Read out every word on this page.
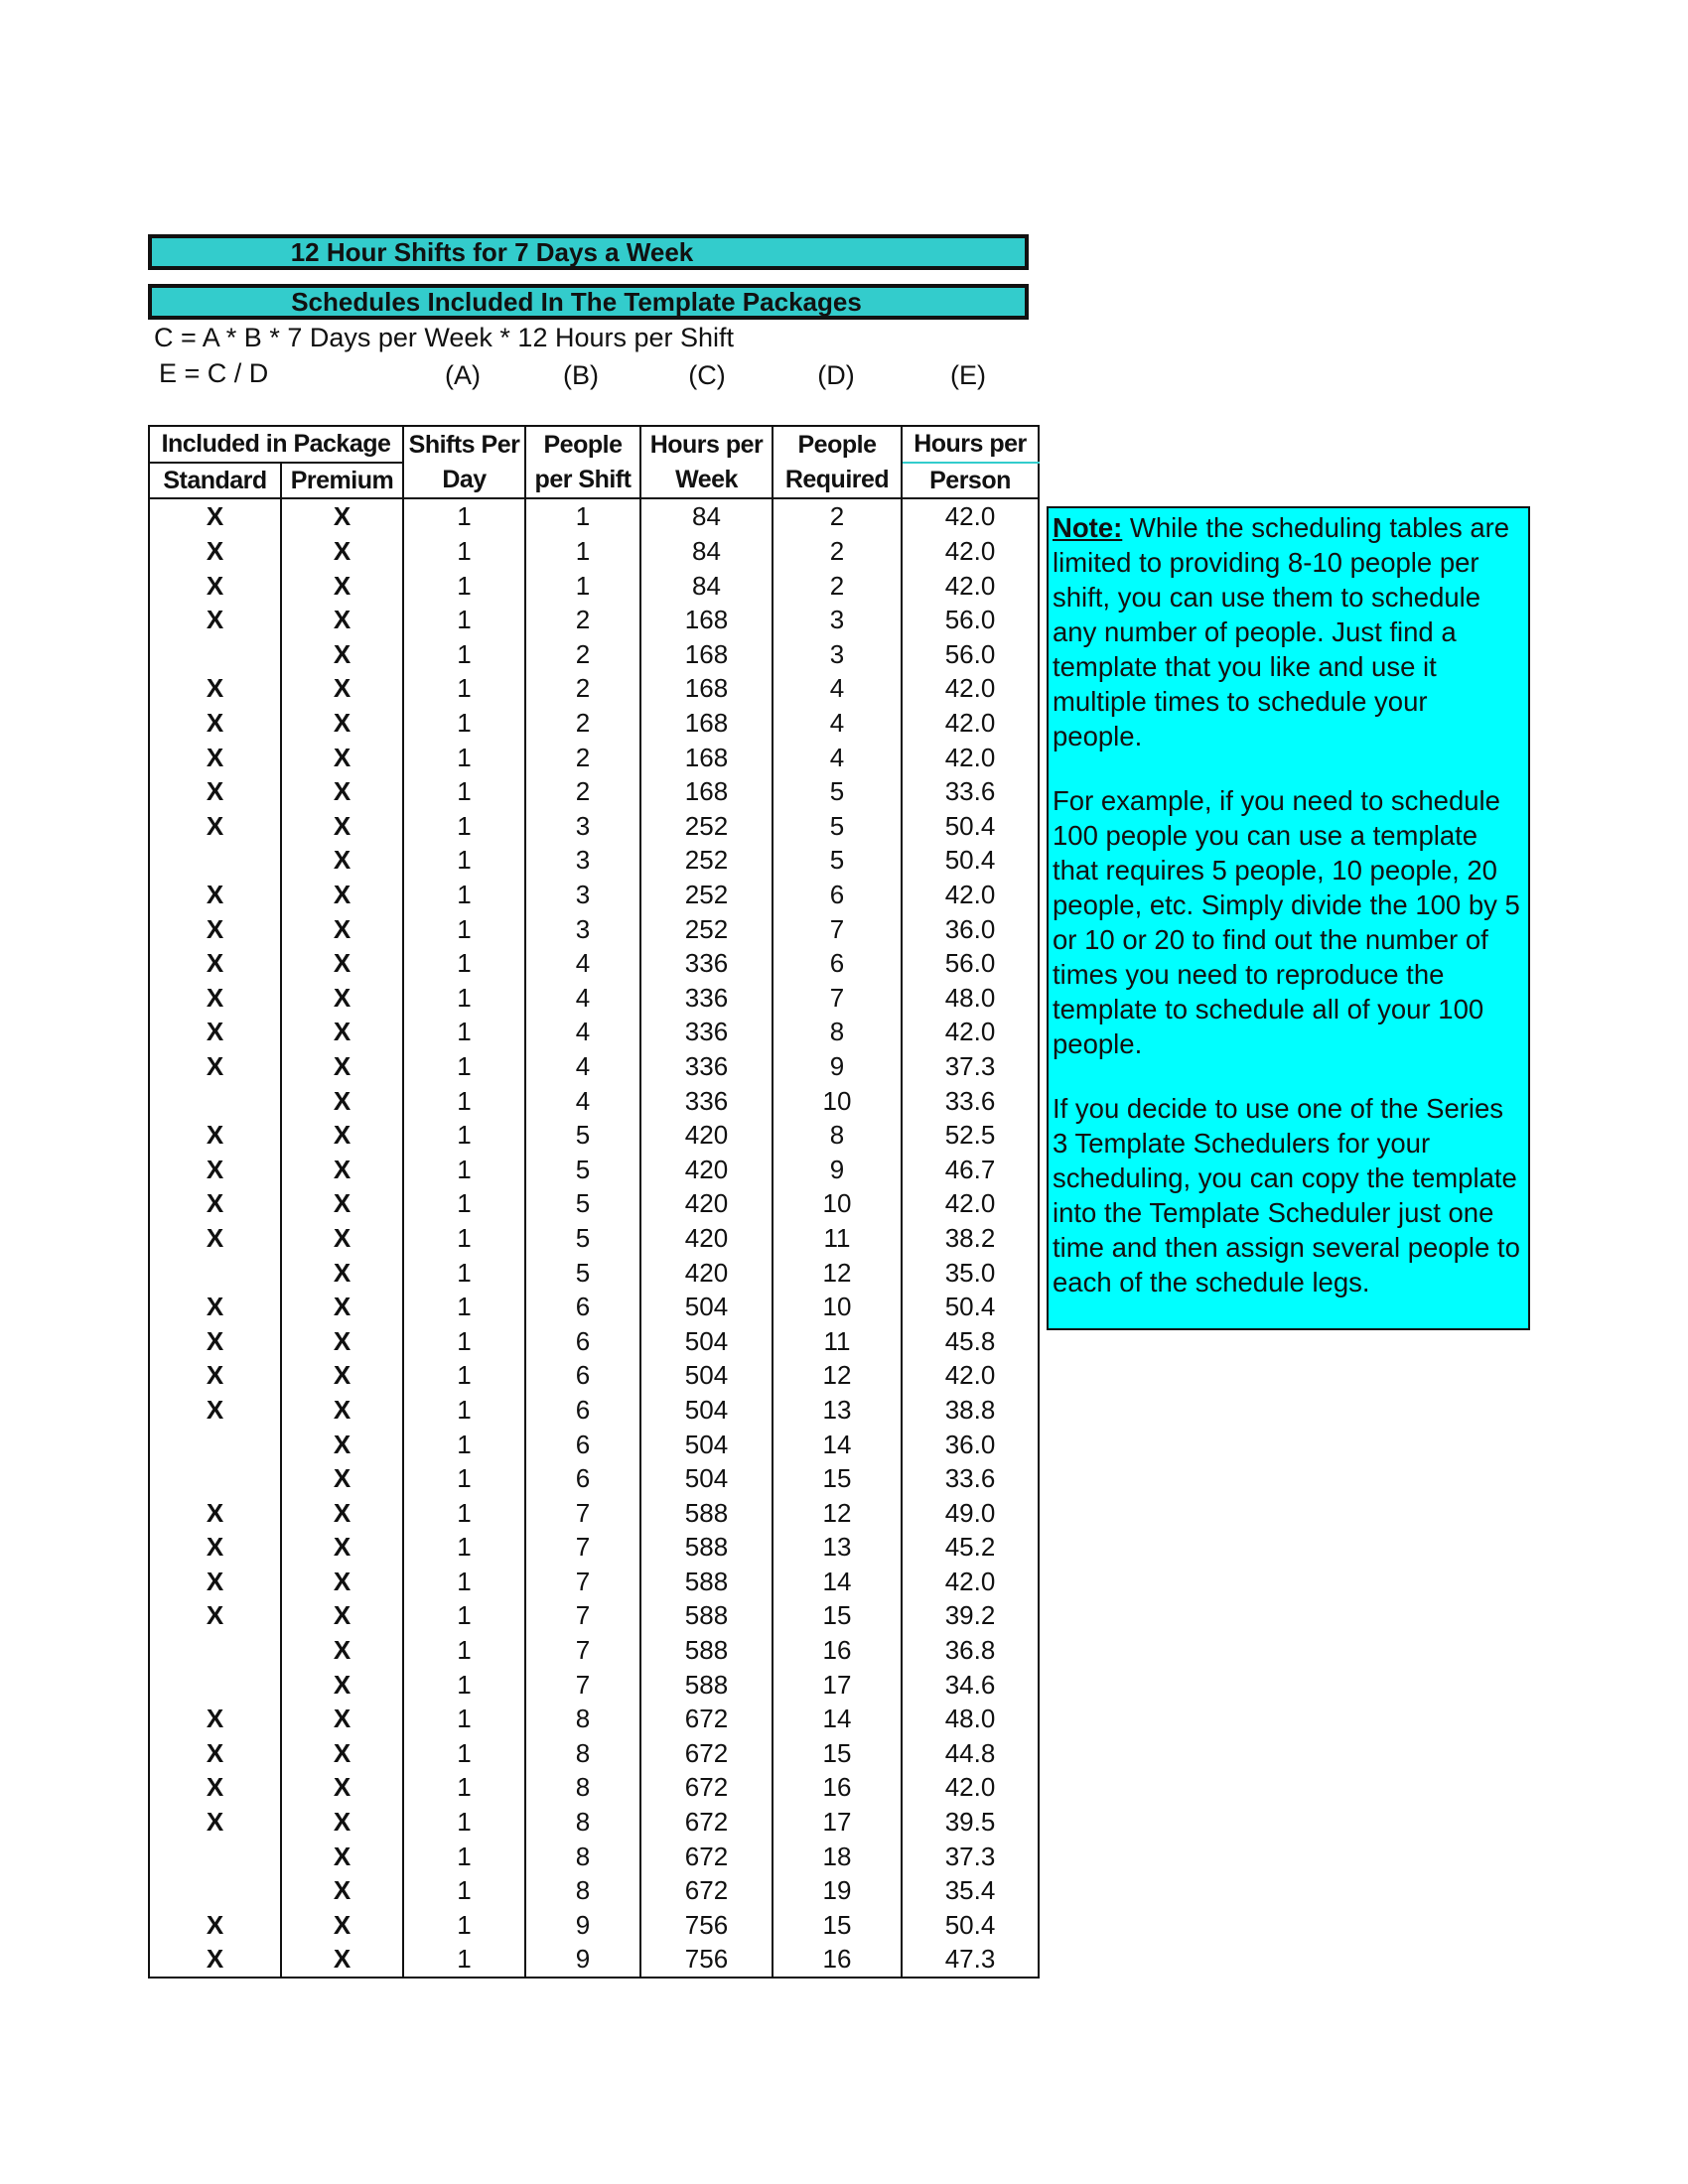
12 Hour Shifts for 7 Days a Week
Schedules Included In The Template Packages
C = A * B * 7 Days per Week * 12 Hours per Shift
E = C / D	(A)	(B)	(C)	(D)	(E)
Included in Package		Shifts Per	People	Hours per	People	Hours per
Standard	Premium	Day	per Shift	Week	Required	Person
X	X	1	1	84	2	42.0
X	X	1	1	84	2	42.0
X	X	1	1	84	2	42.0
X	X	1	2	168	3	56.0
	X	1	2	168	3	56.0
X	X	1	2	168	4	42.0
X	X	1	2	168	4	42.0
X	X	1	2	168	4	42.0
X	X	1	2	168	5	33.6
X	X	1	3	252	5	50.4
	X	1	3	252	5	50.4
X	X	1	3	252	6	42.0
X	X	1	3	252	7	36.0
X	X	1	4	336	6	56.0
X	X	1	4	336	7	48.0
X	X	1	4	336	8	42.0
X	X	1	4	336	9	37.3
	X	1	4	336	10	33.6
X	X	1	5	420	8	52.5
X	X	1	5	420	9	46.7
X	X	1	5	420	10	42.0
X	X	1	5	420	11	38.2
	X	1	5	420	12	35.0
X	X	1	6	504	10	50.4
X	X	1	6	504	11	45.8
X	X	1	6	504	12	42.0
X	X	1	6	504	13	38.8
	X	1	6	504	14	36.0
	X	1	6	504	15	33.6
X	X	1	7	588	12	49.0
X	X	1	7	588	13	45.2
X	X	1	7	588	14	42.0
X	X	1	7	588	15	39.2
	X	1	7	588	16	36.8
	X	1	7	588	17	34.6
X	X	1	8	672	14	48.0
X	X	1	8	672	15	44.8
X	X	1	8	672	16	42.0
X	X	1	8	672	17	39.5
	X	1	8	672	18	37.3
	X	1	8	672	19	35.4
X	X	1	9	756	15	50.4
X	X	1	9	756	16	47.3

Note: While the scheduling tables are limited to providing 8-10 people per shift, you can use them to schedule any number of people. Just find a template that you like and use it multiple times to schedule your people.

For example, if you need to schedule 100 people you can use a template that requires 5 people, 10 people, 20 people, etc. Simply divide the 100 by 5 or 10 or 20 to find out the number of times you need to reproduce the template to schedule all of your 100 people.

If you decide to use one of the Series 3 Template Schedulers for your scheduling, you can copy the template into the Template Scheduler just one time and then assign several people to each of the schedule legs.
